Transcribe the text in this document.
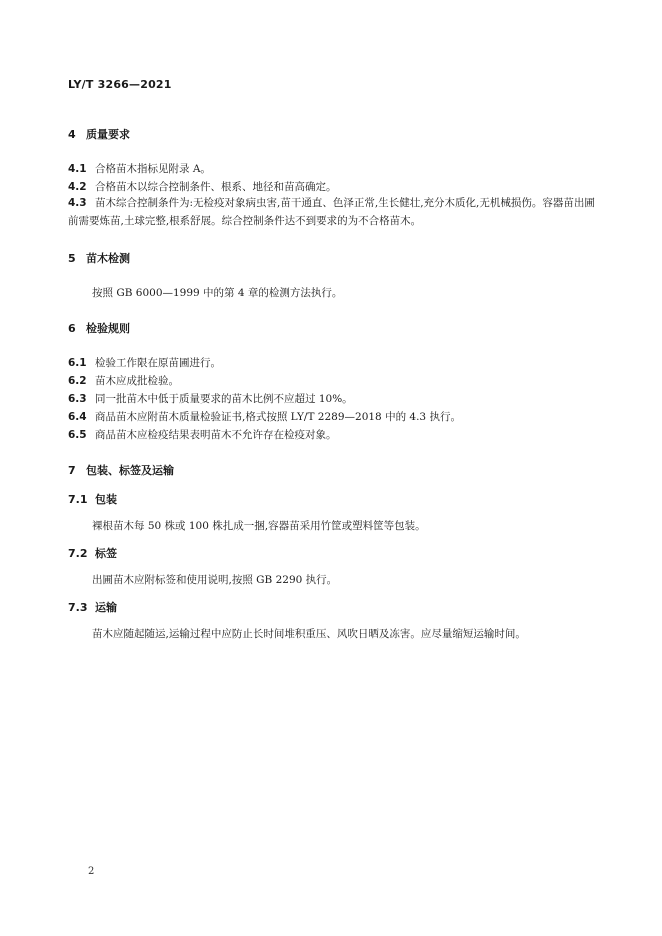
LY/T 3266—2021
4 质量要求
4.1 合格苗木指标见附录 A。
4.2 合格苗木以综合控制条件、根系、地径和苗高确定。
4.3 苗木综合控制条件为:无检疫对象病虫害,苗干通直、色泽正常,生长健壮,充分木质化,无机械损伤。容器苗出圃前需要炼苗,土球完整,根系舒展。综合控制条件达不到要求的为不合格苗木。
5 苗木检测
按照 GB 6000—1999 中的第 4 章的检测方法执行。
6 检验规则
6.1 检验工作限在原苗圃进行。
6.2 苗木应成批检验。
6.3 同一批苗木中低于质量要求的苗木比例不应超过 10%。
6.4 商品苗木应附苗木质量检验证书,格式按照 LY/T 2289—2018 中的 4.3 执行。
6.5 商品苗木应检疫结果表明苗木不允许存在检疫对象。
7 包装、标签及运输
7.1 包装
裸根苗木每 50 株或 100 株扎成一捆,容器苗采用竹筐或塑料筐等包装。
7.2 标签
出圃苗木应附标签和使用说明,按照 GB 2290 执行。
7.3 运输
苗木应随起随运,运输过程中应防止长时间堆积重压、风吹日晒及冻害。应尽量缩短运输时间。
2
